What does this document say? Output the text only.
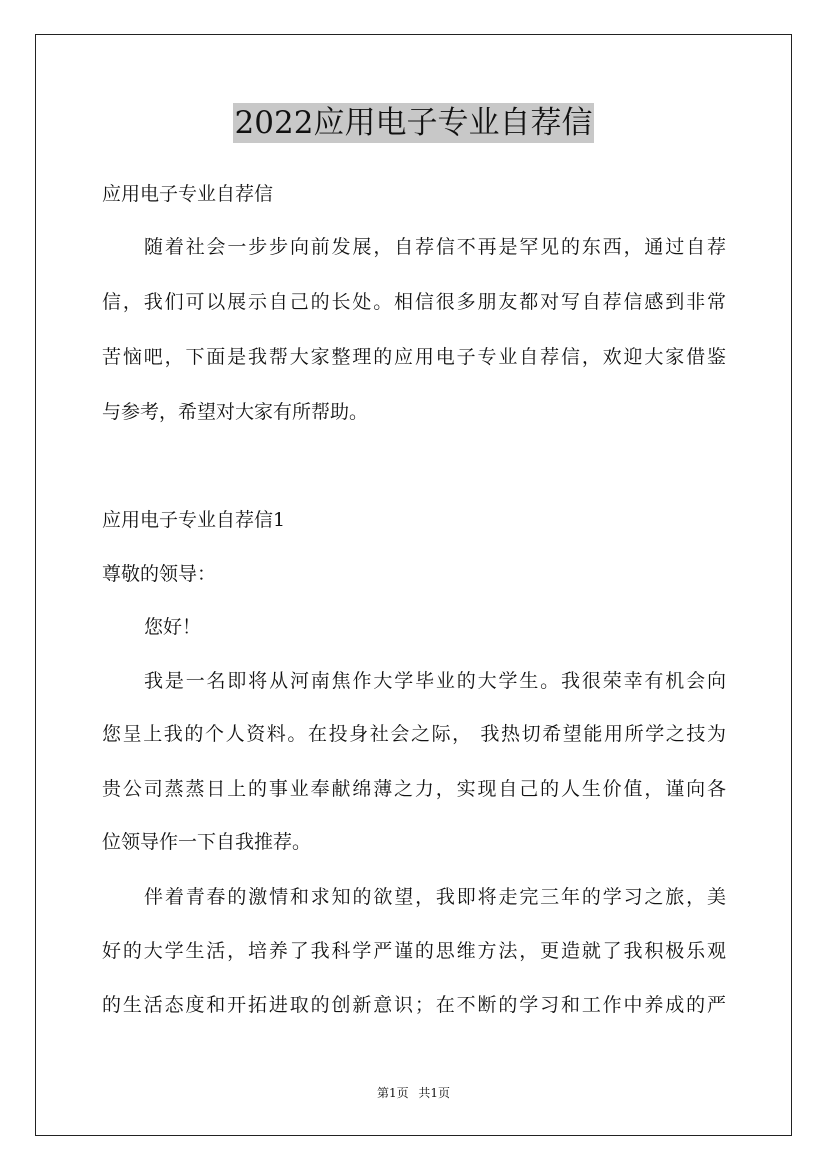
2022应用电子专业自荐信
应用电子专业自荐信
随着社会一步步向前发展，自荐信不再是罕见的东西，通过自荐
信，我们可以展示自己的长处。相信很多朋友都对写自荐信感到非常
苦恼吧，下面是我帮大家整理的应用电子专业自荐信，欢迎大家借鉴
与参考，希望对大家有所帮助。
应用电子专业自荐信1
尊敬的领导：
您好！
我是一名即将从河南焦作大学毕业的大学生。我很荣幸有机会向
您呈上我的个人资料。在投身社会之际， 我热切希望能用所学之技为
贵公司蒸蒸日上的事业奉献绵薄之力，实现自己的人生价值，谨向各
位领导作一下自我推荐。
伴着青春的激情和求知的欲望，我即将走完三年的学习之旅，美
好的大学生活，培养了我科学严谨的思维方法，更造就了我积极乐观
的生活态度和开拓进取的创新意识；在不断的学习和工作中养成的严
第1页 共1页
